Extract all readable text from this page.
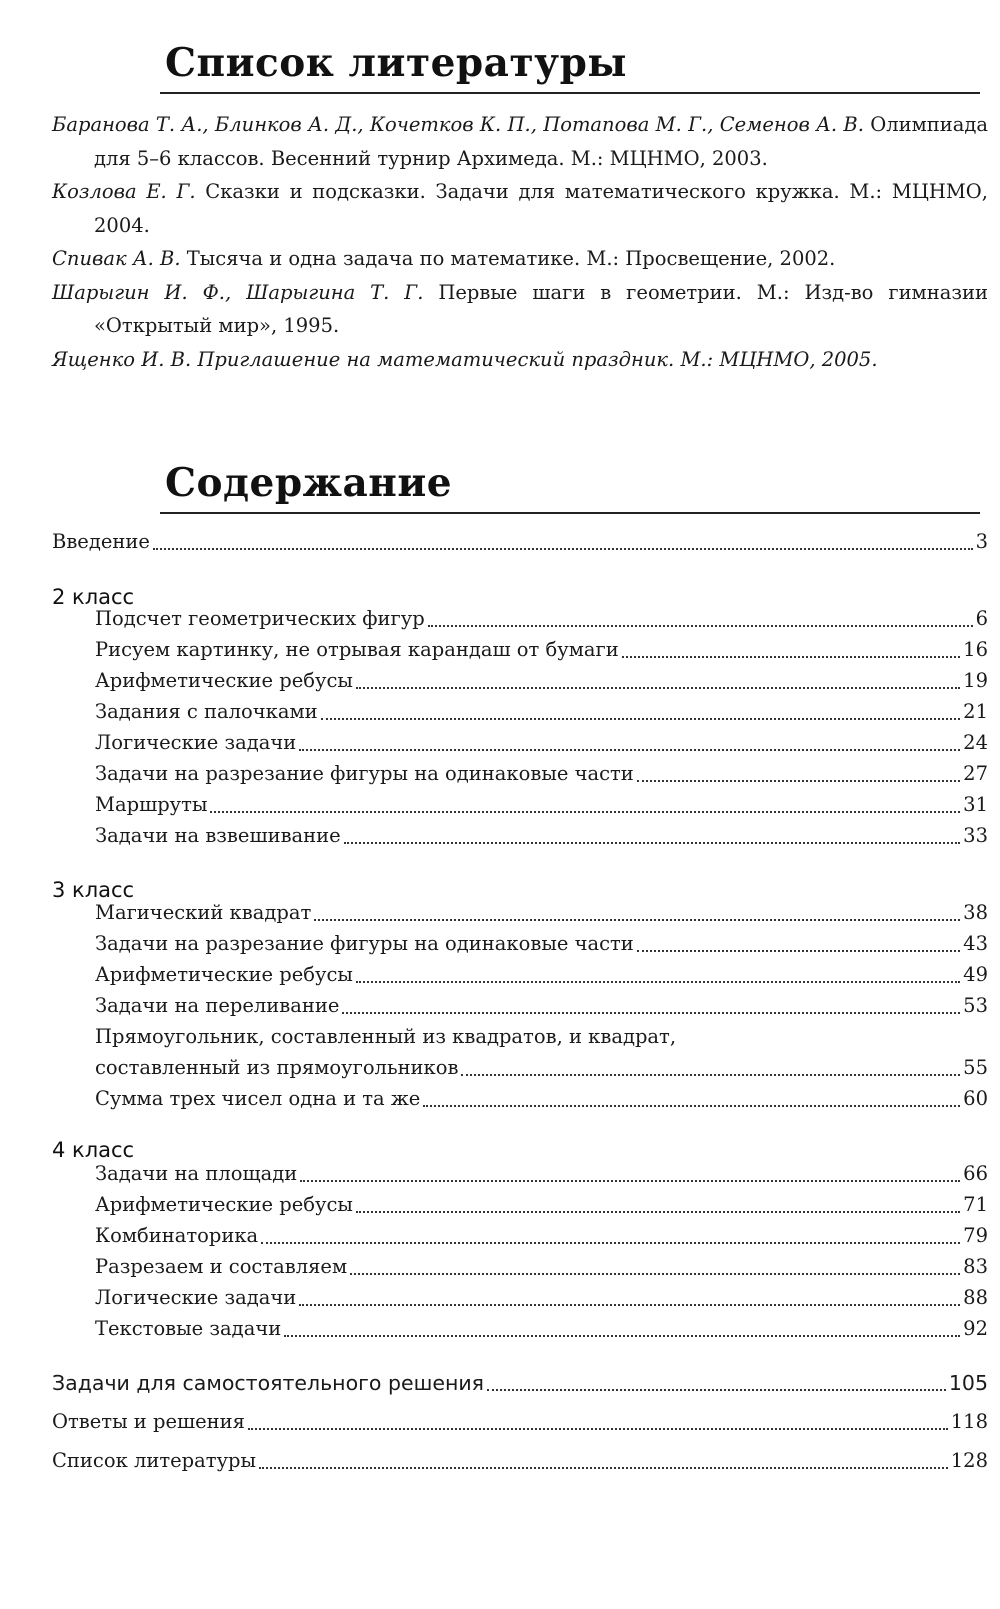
Список литературы

Баранова Т. А., Блинков А. Д., Кочетков К. П., Потапова М. Г., Семенов А. В. Олимпиада для 5–6 классов. Весенний турнир Архимеда. М.: МЦНМО, 2003.

Козлова Е. Г. Сказки и подсказки. Задачи для математического кружка. М.: МЦНМО, 2004.

Спивак А. В. Тысяча и одна задача по математике. М.: Просвещение, 2002.

Шарыгин И. Ф., Шарыгина Т. Г. Первые шаги в геометрии. М.: Изд-во гимназии «Открытый мир», 1995.

Ященко И. В. Приглашение на математический праздник. М.: МЦНМО, 2005.

Содержание
Введение	3
2 класс
Подсчет геометрических фигур	6
Рисуем картинку, не отрывая карандаш от бумаги	16
Арифметические ребусы	19
Задания с палочками	21
Логические задачи	24
Задачи на разрезание фигуры на одинаковые части	27
Маршруты	31
Задачи на взвешивание	33
3 класс
Магический квадрат	38
Задачи на разрезание фигуры на одинаковые части	43
Арифметические ребусы	49
Задачи на переливание	53
Прямоугольник, составленный из квадратов, и квадрат,
составленный из прямоугольников	55
Сумма трех чисел одна и та же	60
4 класс
Задачи на площади	66
Арифметические ребусы	71
Комбинаторика	79
Разрезаем и составляем	83
Логические задачи	88
Текстовые задачи	92
Задачи для самостоятельного решения	105
Ответы и решения	118
Список литературы	128
